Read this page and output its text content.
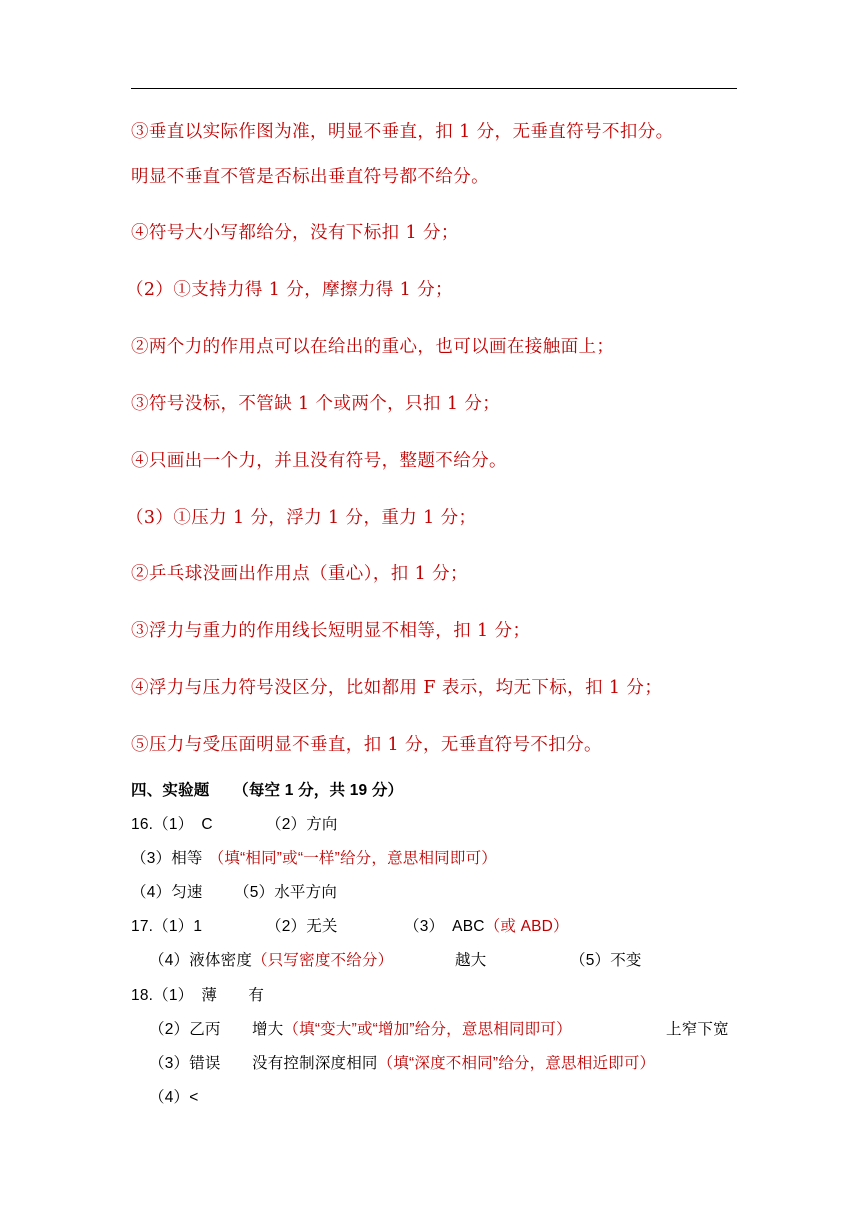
③垂直以实际作图为准，明显不垂直，扣 1 分，无垂直符号不扣分。
明显不垂直不管是否标出垂直符号都不给分。
④符号大小写都给分，没有下标扣 1 分；
（2）①支持力得 1 分，摩擦力得 1 分；
②两个力的作用点可以在给出的重心，也可以画在接触面上；
③符号没标，不管缺 1 个或两个，只扣 1 分；
④只画出一个力，并且没有符号，整题不给分。
（3）①压力 1 分，浮力 1 分，重力 1 分；
②乒乓球没画出作用点（重心），扣 1 分；
③浮力与重力的作用线长短明显不相等，扣 1 分；
④浮力与压力符号没区分，比如都用 F 表示，均无下标，扣 1 分；
⑤压力与受压面明显不垂直，扣 1 分，无垂直符号不扣分。
四、实验题　　（每空 1 分，共 19 分）
16.（1）　C	（2）方向
（3）相等 （填“相同”或“一样”给分，意思相同即可）
（4）匀速 （5）水平方向
17.（1）1	（2）无关	（3）　ABC（或 ABD）
（4）液体密度（只写密度不给分）	越大	（5）不变
18.（1）　薄　　有
（2）乙丙　　增大（填“变大”或“增加”给分，意思相同即可）	上窄下宽
（3）错误　　没有控制深度相同（填“深度不相同”给分，意思相近即可）
（4）<
